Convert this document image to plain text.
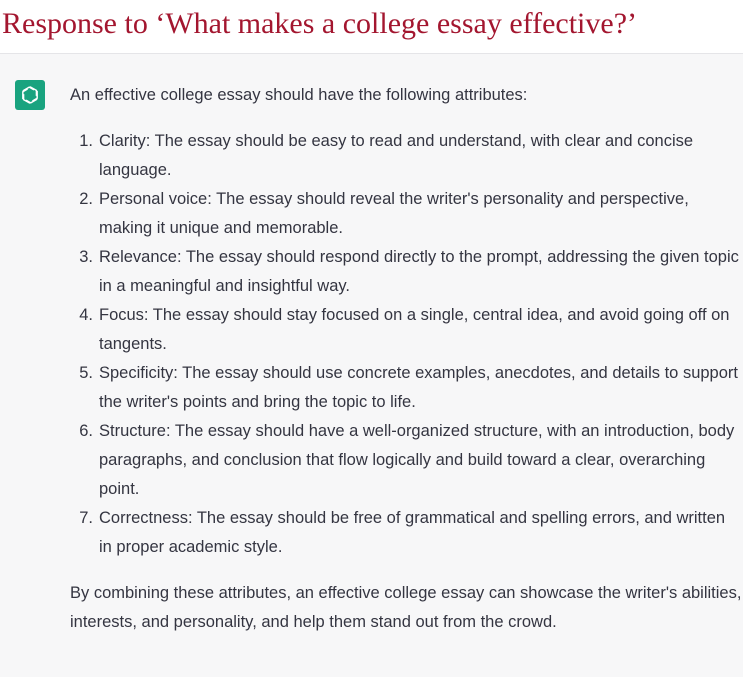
Response to ‘What makes a college essay effective?’

An effective college essay should have the following attributes:

1. Clarity: The essay should be easy to read and understand, with clear and concise language.
2. Personal voice: The essay should reveal the writer's personality and perspective, making it unique and memorable.
3. Relevance: The essay should respond directly to the prompt, addressing the given topic in a meaningful and insightful way.
4. Focus: The essay should stay focused on a single, central idea, and avoid going off on tangents.
5. Specificity: The essay should use concrete examples, anecdotes, and details to support the writer's points and bring the topic to life.
6. Structure: The essay should have a well-organized structure, with an introduction, body paragraphs, and conclusion that flow logically and build toward a clear, overarching point.
7. Correctness: The essay should be free of grammatical and spelling errors, and written in proper academic style.

By combining these attributes, an effective college essay can showcase the writer's abilities, interests, and personality, and help them stand out from the crowd.
